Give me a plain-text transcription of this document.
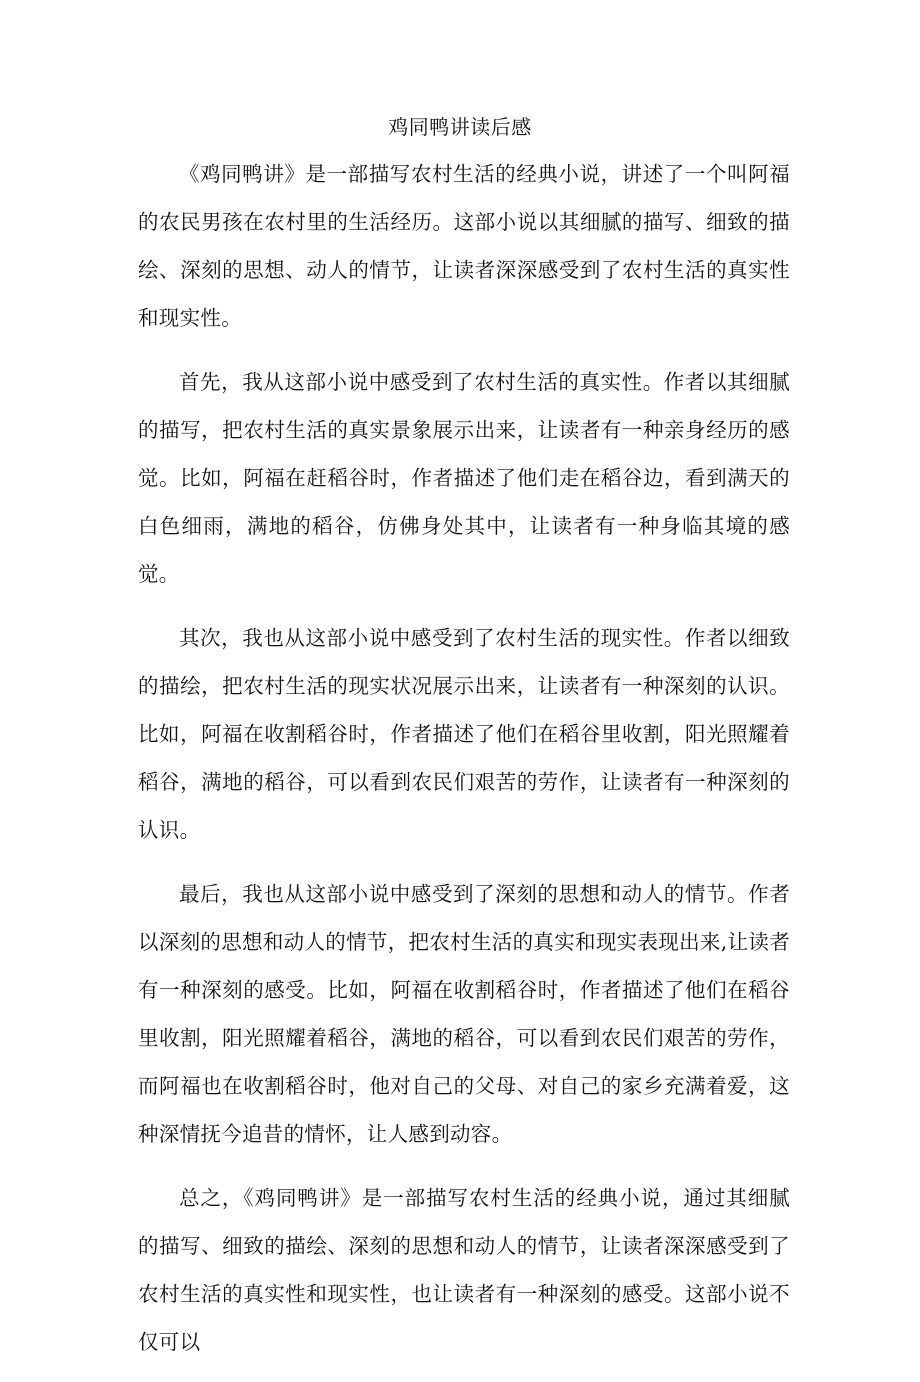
鸡同鸭讲读后感

《鸡同鸭讲》是一部描写农村生活的经典小说，讲述了一个叫阿福的农民男孩在农村里的生活经历。这部小说以其细腻的描写、细致的描绘、深刻的思想、动人的情节，让读者深深感受到了农村生活的真实性和现实性。

首先，我从这部小说中感受到了农村生活的真实性。作者以其细腻的描写，把农村生活的真实景象展示出来，让读者有一种亲身经历的感觉。比如，阿福在赶稻谷时，作者描述了他们走在稻谷边，看到满天的白色细雨，满地的稻谷，仿佛身处其中，让读者有一种身临其境的感觉。

其次，我也从这部小说中感受到了农村生活的现实性。作者以细致的描绘，把农村生活的现实状况展示出来，让读者有一种深刻的认识。比如，阿福在收割稻谷时，作者描述了他们在稻谷里收割，阳光照耀着稻谷，满地的稻谷，可以看到农民们艰苦的劳作，让读者有一种深刻的认识。

最后，我也从这部小说中感受到了深刻的思想和动人的情节。作者以深刻的思想和动人的情节，把农村生活的真实和现实表现出来,让读者有一种深刻的感受。比如，阿福在收割稻谷时，作者描述了他们在稻谷里收割，阳光照耀着稻谷，满地的稻谷，可以看到农民们艰苦的劳作，而阿福也在收割稻谷时，他对自己的父母、对自己的家乡充满着爱，这种深情抚今追昔的情怀，让人感到动容。

总之，《鸡同鸭讲》是一部描写农村生活的经典小说，通过其细腻的描写、细致的描绘、深刻的思想和动人的情节，让读者深深感受到了农村生活的真实性和现实性，也让读者有一种深刻的感受。这部小说不仅可以
